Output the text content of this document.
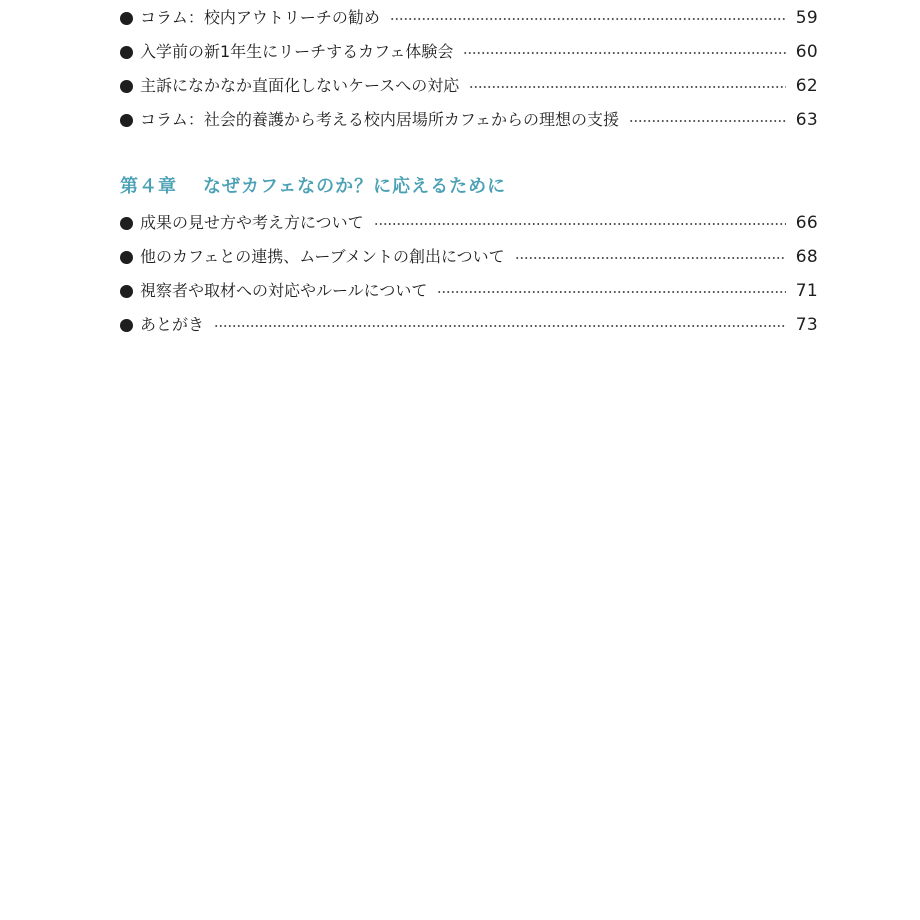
コラム：校内アウトリーチの勧め	59
入学前の新1年生にリーチするカフェ体験会	60
主訴になかなか直面化しないケースへの対応	62
コラム：社会的養護から考える校内居場所カフェからの理想の支援	63
第４章 なぜカフェなのか？に応えるために
成果の見せ方や考え方について	66
他のカフェとの連携、ムーブメントの創出について	68
視察者や取材への対応やルールについて	71
あとがき	73
